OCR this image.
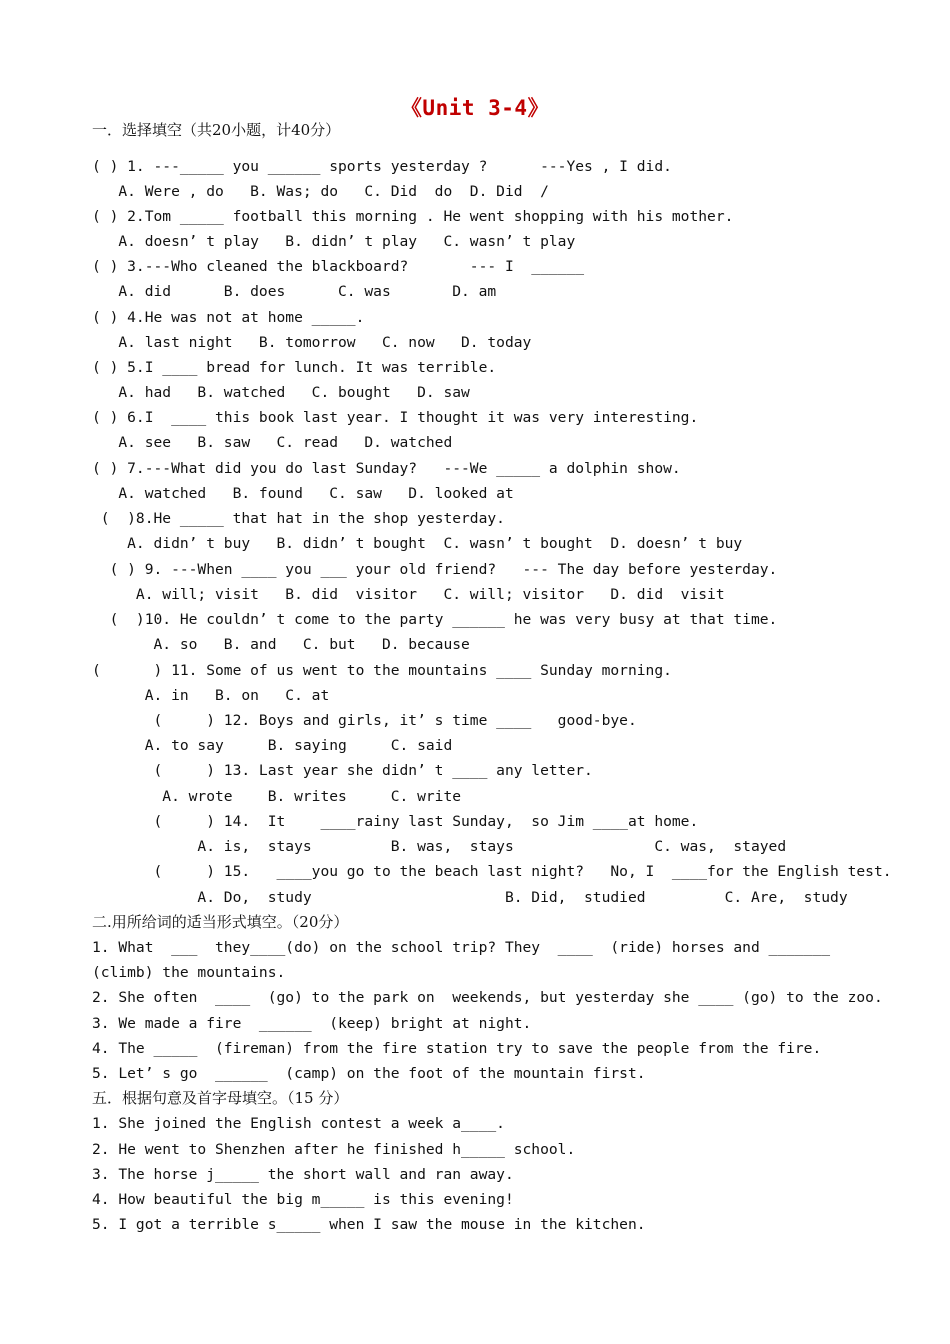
《Unit 3-4》
一．选择填空（共20小题，计40分）
( ) 1. ---_____ you ______ sports yesterday ?      ---Yes , I did.
A. Were , do   B. Was; do   C. Did  do  D. Did  /
( ) 2.Tom _____ football this morning . He went shopping with his mother.
A. doesn’ t play   B. didn’ t play   C. wasn’ t play
( ) 3.---Who cleaned the blackboard?       --- I  ______
A. did      B. does      C. was       D. am
( ) 4.He was not at home _____.
A. last night   B. tomorrow   C. now   D. today
( ) 5.I ____ bread for lunch. It was terrible.
A. had   B. watched   C. bought   D. saw
( ) 6.I  ____ this book last year. I thought it was very interesting.
A. see   B. saw   C. read   D. watched
( ) 7.---What did you do last Sunday?   ---We _____ a dolphin show.
A. watched   B. found   C. saw   D. looked at
(  )8.He _____ that hat in the shop yesterday.
A. didn’ t buy   B. didn’ t bought  C. wasn’ t bought  D. doesn’ t buy
( ) 9. ---When ____ you ___ your old friend?   --- The day before yesterday.
A. will; visit   B. did  visitor   C. will; visitor   D. did  visit
(  )10. He couldn’ t come to the party ______ he was very busy at that time.
A. so   B. and   C. but   D. because
(      ) 11. Some of us went to the mountains ____ Sunday morning.
A. in   B. on   C. at
(     ) 12. Boys and girls, it’ s time ____   good-bye.
A. to say     B. saying     C. said
(     ) 13. Last year she didn’ t ____ any letter.
A. wrote    B. writes     C. write
(     ) 14.  It    ____rainy last Sunday,  so Jim ____at home.
A. is,  stays         B. was,  stays                C. was,  stayed
(     ) 15.   ____you go to the beach last night?   No, I  ____for the English test.
A. Do,  study                      B. Did,  studied         C. Are,  study
二.用所给词的适当形式填空。（20分）
1. What  ___  they____(do) on the school trip? They  ____  (ride) horses and _______
(climb) the mountains.
2. She often  ____  (go) to the park on  weekends, but yesterday she ____ (go) to the zoo.
3. We made a fire  ______  (keep) bright at night.
4. The _____  (fireman) from the fire station try to save the people from the fire.
5. Let’ s go  ______  (camp) on the foot of the mountain first.
五．根据句意及首字母填空。（15 分）
1. She joined the English contest a week a____.
2. He went to Shenzhen after he finished h_____ school.
3. The horse j_____ the short wall and ran away.
4. How beautiful the big m_____ is this evening!
5. I got a terrible s_____ when I saw the mouse in the kitchen.
